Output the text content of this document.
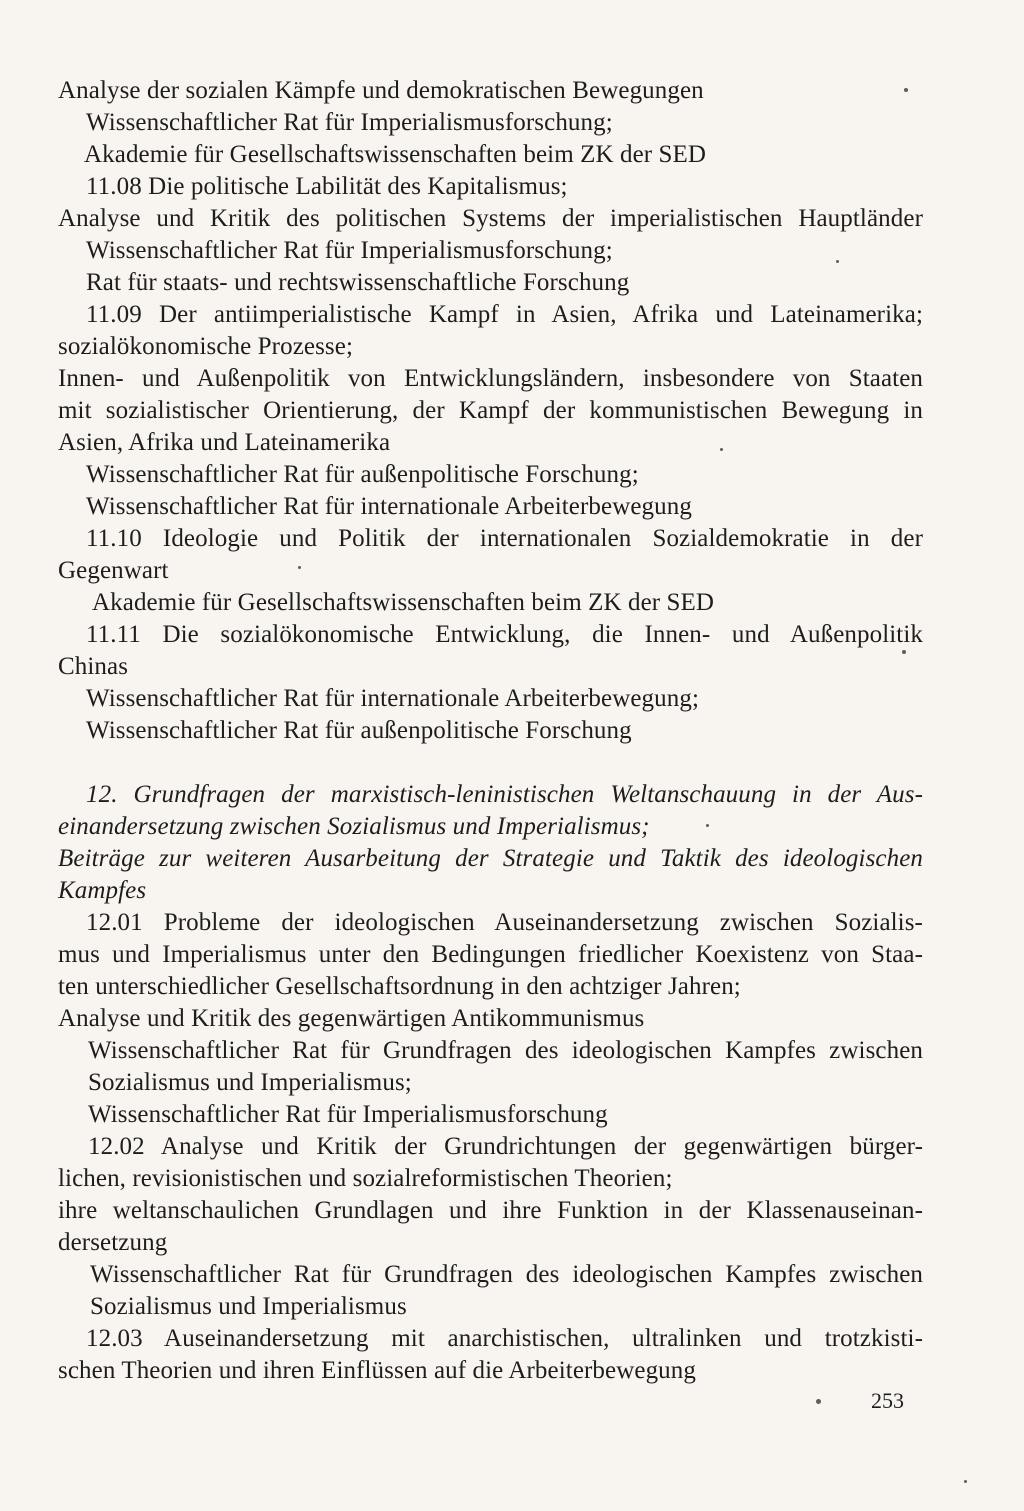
Analyse der sozialen Kämpfe und demokratischen Bewegungen
Wissenschaftlicher Rat für Imperialismusforschung;
Akademie für Gesellschaftswissenschaften beim ZK der SED
11.08 Die politische Labilität des Kapitalismus;
Analyse und Kritik des politischen Systems der imperialistischen Hauptländer
Wissenschaftlicher Rat für Imperialismusforschung;
Rat für staats- und rechtswissenschaftliche Forschung
11.09 Der antiimperialistische Kampf in Asien, Afrika und Lateinamerika;
sozialökonomische Prozesse;
Innen- und Außenpolitik von Entwicklungsländern, insbesondere von Staaten
mit sozialistischer Orientierung, der Kampf der kommunistischen Bewegung in
Asien, Afrika und Lateinamerika
Wissenschaftlicher Rat für außenpolitische Forschung;
Wissenschaftlicher Rat für internationale Arbeiterbewegung
11.10 Ideologie und Politik der internationalen Sozialdemokratie in der
Gegenwart
Akademie für Gesellschaftswissenschaften beim ZK der SED
11.11 Die sozialökonomische Entwicklung, die Innen- und Außenpolitik
Chinas
Wissenschaftlicher Rat für internationale Arbeiterbewegung;
Wissenschaftlicher Rat für außenpolitische Forschung
12. Grundfragen der marxistisch-leninistischen Weltanschauung in der Aus-
einandersetzung zwischen Sozialismus und Imperialismus;
Beiträge zur weiteren Ausarbeitung der Strategie und Taktik des ideologischen
Kampfes
12.01 Probleme der ideologischen Auseinandersetzung zwischen Sozialis-
mus und Imperialismus unter den Bedingungen friedlicher Koexistenz von Staa-
ten unterschiedlicher Gesellschaftsordnung in den achtziger Jahren;
Analyse und Kritik des gegenwärtigen Antikommunismus
Wissenschaftlicher Rat für Grundfragen des ideologischen Kampfes zwischen
Sozialismus und Imperialismus;
Wissenschaftlicher Rat für Imperialismusforschung
12.02 Analyse und Kritik der Grundrichtungen der gegenwärtigen bürger-
lichen, revisionistischen und sozialreformistischen Theorien;
ihre weltanschaulichen Grundlagen und ihre Funktion in der Klassenauseinan-
dersetzung
Wissenschaftlicher Rat für Grundfragen des ideologischen Kampfes zwischen
Sozialismus und Imperialismus
12.03 Auseinandersetzung mit anarchistischen, ultralinken und trotzkisti-
schen Theorien und ihren Einflüssen auf die Arbeiterbewegung
253
